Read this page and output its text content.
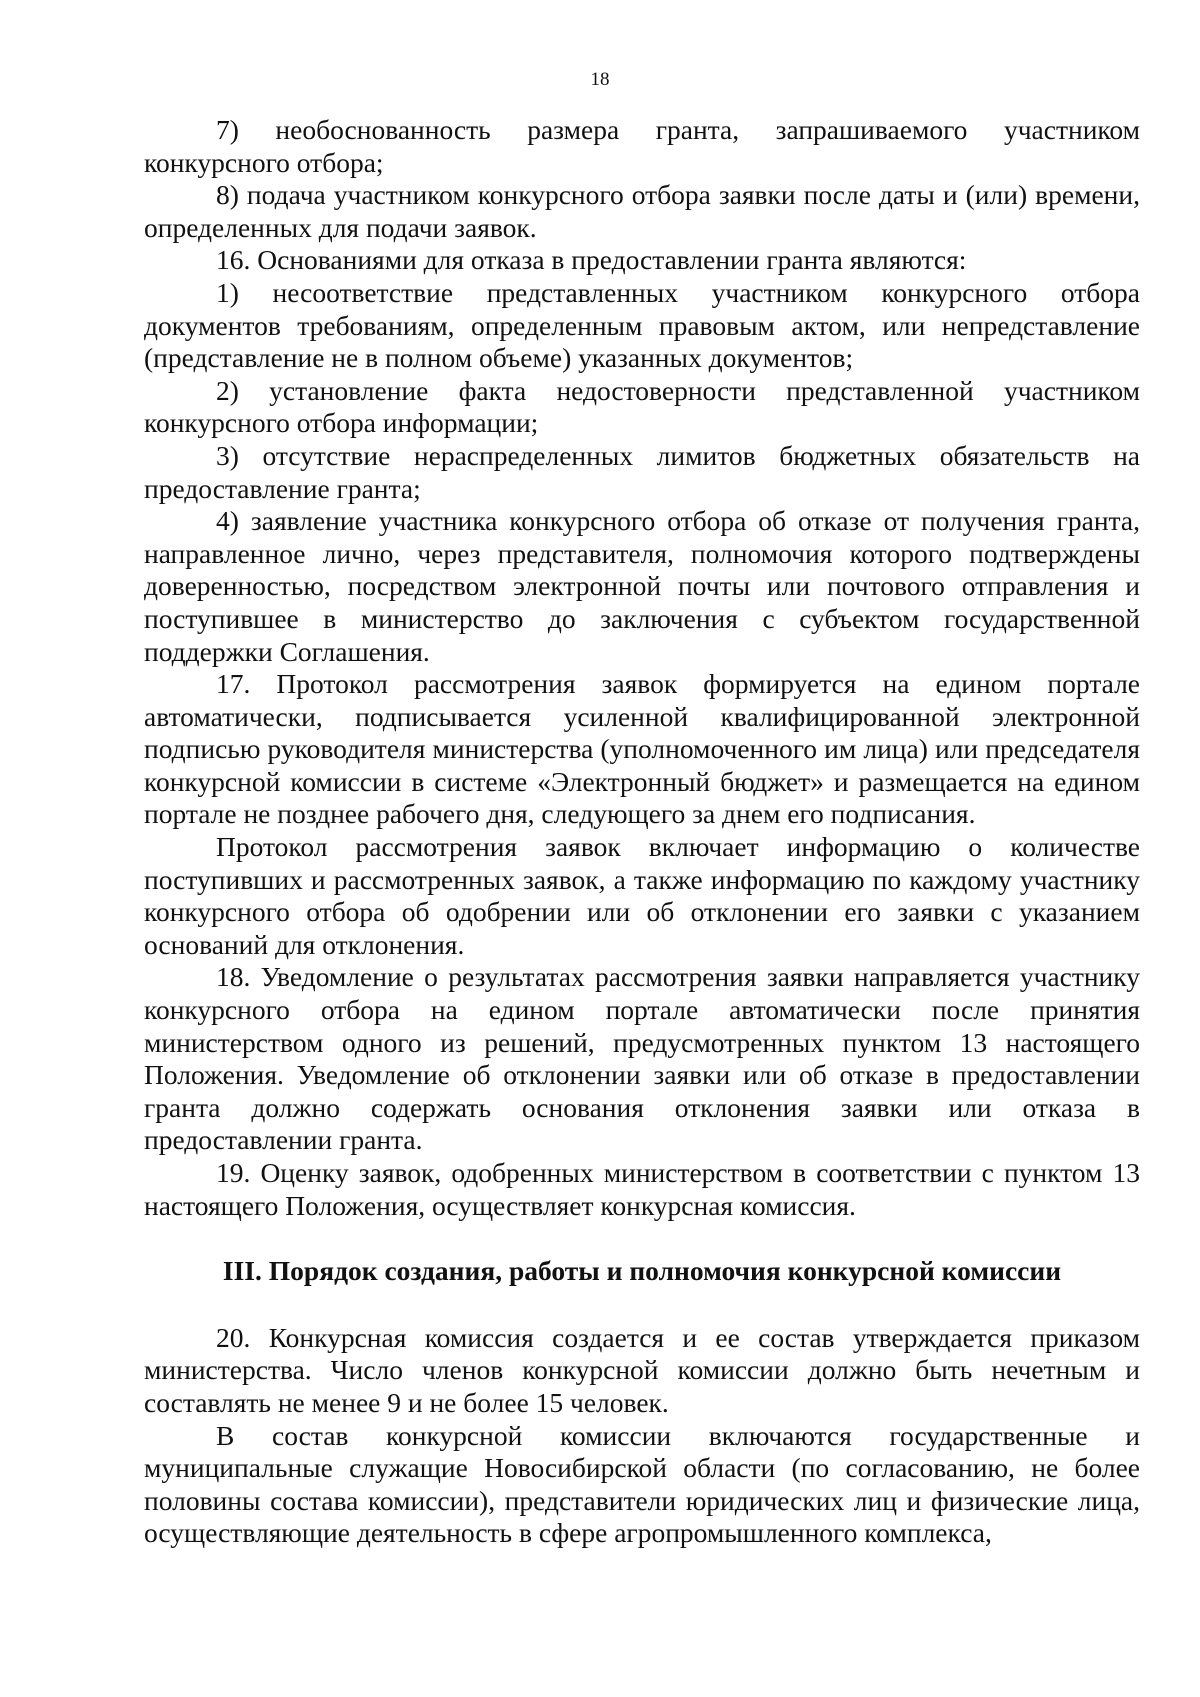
18

7) необоснованность размера гранта, запрашиваемого участником конкурсного отбора;

8) подача участником конкурсного отбора заявки после даты и (или) времени, определенных для подачи заявок.

16. Основаниями для отказа в предоставлении гранта являются:

1) несоответствие представленных участником конкурсного отбора документов требованиям, определенным правовым актом, или непредставление (представление не в полном объеме) указанных документов;

2) установление факта недостоверности представленной участником конкурсного отбора информации;

3) отсутствие нераспределенных лимитов бюджетных обязательств на предоставление гранта;

4) заявление участника конкурсного отбора об отказе от получения гранта, направленное лично, через представителя, полномочия которого подтверждены доверенностью, посредством электронной почты или почтового отправления и поступившее в министерство до заключения с субъектом государственной поддержки Соглашения.

17. Протокол рассмотрения заявок формируется на едином портале автоматически, подписывается усиленной квалифицированной электронной подписью руководителя министерства (уполномоченного им лица) или председателя конкурсной комиссии в системе «Электронный бюджет» и размещается на едином портале не позднее рабочего дня, следующего за днем его подписания.

Протокол рассмотрения заявок включает информацию о количестве поступивших и рассмотренных заявок, а также информацию по каждому участнику конкурсного отбора об одобрении или об отклонении его заявки с указанием оснований для отклонения.

18. Уведомление о результатах рассмотрения заявки направляется участнику конкурсного отбора на едином портале автоматически после принятия министерством одного из решений, предусмотренных пунктом 13 настоящего Положения. Уведомление об отклонении заявки или об отказе в предоставлении гранта должно содержать основания отклонения заявки или отказа в предоставлении гранта.

19. Оценку заявок, одобренных министерством в соответствии с пунктом 13 настоящего Положения, осуществляет конкурсная комиссия.

III. Порядок создания, работы и полномочия конкурсной комиссии

20. Конкурсная комиссия создается и ее состав утверждается приказом министерства. Число членов конкурсной комиссии должно быть нечетным и составлять не менее 9 и не более 15 человек.

В состав конкурсной комиссии включаются государственные и муниципальные служащие Новосибирской области (по согласованию, не более половины состава комиссии), представители юридических лиц и физические лица, осуществляющие деятельность в сфере агропромышленного комплекса,
